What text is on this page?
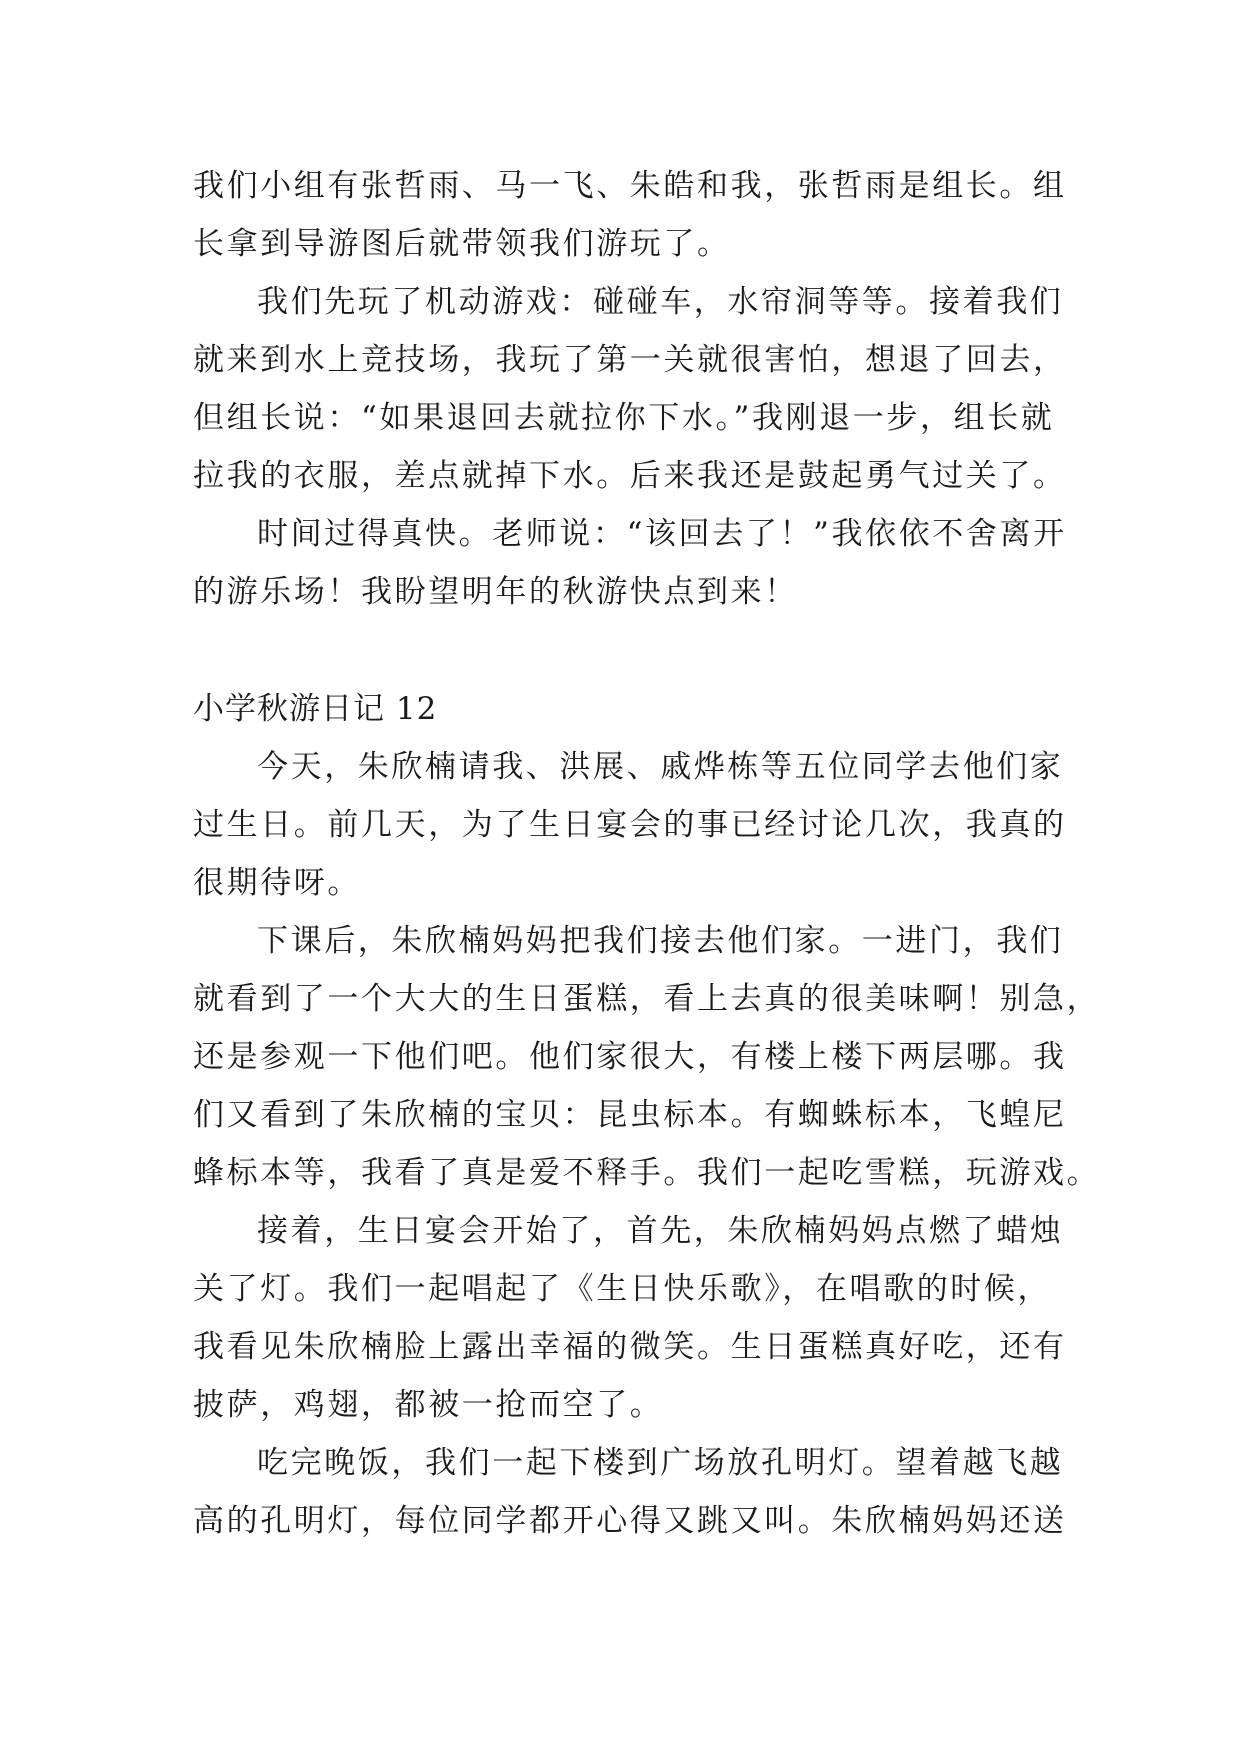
我们小组有张哲雨、马一飞、朱皓和我，张哲雨是组长。组
长拿到导游图后就带领我们游玩了。
我们先玩了机动游戏：碰碰车，水帘洞等等。接着我们
就来到水上竞技场，我玩了第一关就很害怕，想退了回去，
但组长说：“如果退回去就拉你下水。”我刚退一步，组长就
拉我的衣服，差点就掉下水。后来我还是鼓起勇气过关了。
时间过得真快。老师说：“该回去了！”我依依不舍离开
的游乐场！我盼望明年的秋游快点到来！
小学秋游日记 12
今天，朱欣楠请我、洪展、戚烨栋等五位同学去他们家
过生日。前几天，为了生日宴会的事已经讨论几次，我真的
很期待呀。
下课后，朱欣楠妈妈把我们接去他们家。一进门，我们
就看到了一个大大的生日蛋糕，看上去真的很美味啊！别急，
还是参观一下他们吧。他们家很大，有楼上楼下两层哪。我
们又看到了朱欣楠的宝贝：昆虫标本。有蜘蛛标本，飞蝗尼
蜂标本等，我看了真是爱不释手。我们一起吃雪糕，玩游戏。
接着，生日宴会开始了，首先，朱欣楠妈妈点燃了蜡烛
关了灯。我们一起唱起了《生日快乐歌》，在唱歌的时候，
我看见朱欣楠脸上露出幸福的微笑。生日蛋糕真好吃，还有
披萨，鸡翅，都被一抢而空了。
吃完晚饭，我们一起下楼到广场放孔明灯。望着越飞越
高的孔明灯，每位同学都开心得又跳又叫。朱欣楠妈妈还送
